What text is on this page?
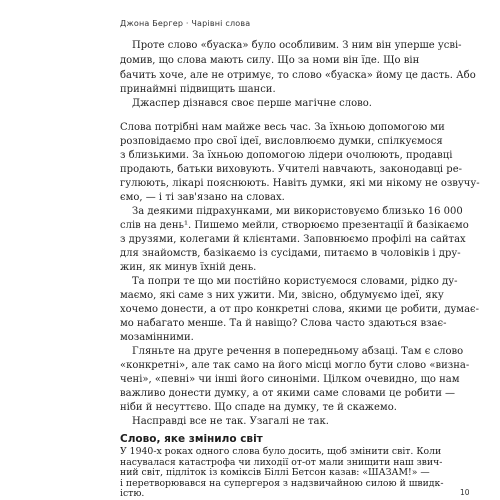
Джона Бергер · Чарівні слова
Проте слово «буаска» було особливим. З ним він уперше усві-
домив, що слова мають силу. Що за номи він їде. Що він
бачить хоче, але не отримує, то слово «буаска» йому це дасть. Або
принаймні підвищить шанси.
Джаспер дізнався своє перше магічне слово.
Слова потрібні нам майже весь час. За їхньою допомогою ми
розповідаємо про свої ідеї, висловлюємо думки, спілкуємося
з близькими. За їхньою допомогою лідери очолюють, продавці
продають, батьки виховують. Учителі навчають, законодавці ре-
гулюють, лікарі пояснюють. Навіть думки, які ми нікому не озвучу-
ємо, — і ті зав'язано на словах.
За деякими підрахунками, ми використовуємо близько 16 000
слів на день¹. Пишемо мейли, створюємо презентації й базікаємо
з друзями, колегами й клієнтами. Заповнюємо профілі на сайтах
для знайомств, базікаємо із сусідами, питаємо в чоловіків і дру-
жин, як минув їхній день.
Та попри те що ми постійно користуємося словами, рідко ду-
маємо, які саме з них ужити. Ми, звісно, обдумуємо ідеї, яку
хочемо донести, а от про конкретні слова, якими це робити, думає-
мо набагато менше. Та й навіщо? Слова часто здаються взає-
мозамінними.
Гляньте на друге речення в попередньому абзаці. Там є слово
«конкретні», але так само на його місці могло бути слово «визна-
чені», «певні» чи інші його синоніми. Цілком очевидно, що нам
важливо донести думку, а от якими саме словами це робити —
ніби й несуттєво. Що спаде на думку, те й скажемо.
Насправді все не так. Узагалі не так.
Слово, яке змінило світ
У 1940-х роках одного слова було досить, щоб змінити світ. Коли
насувалася катастрофа чи лиходії от-от мали знищити наш звич-
ний світ, підліток із коміксів Біллі Бетсон казав: «ШАЗАМ!» —
і перетворювався на супергероя з надзвичайною силою й швидк-
істю.	10
